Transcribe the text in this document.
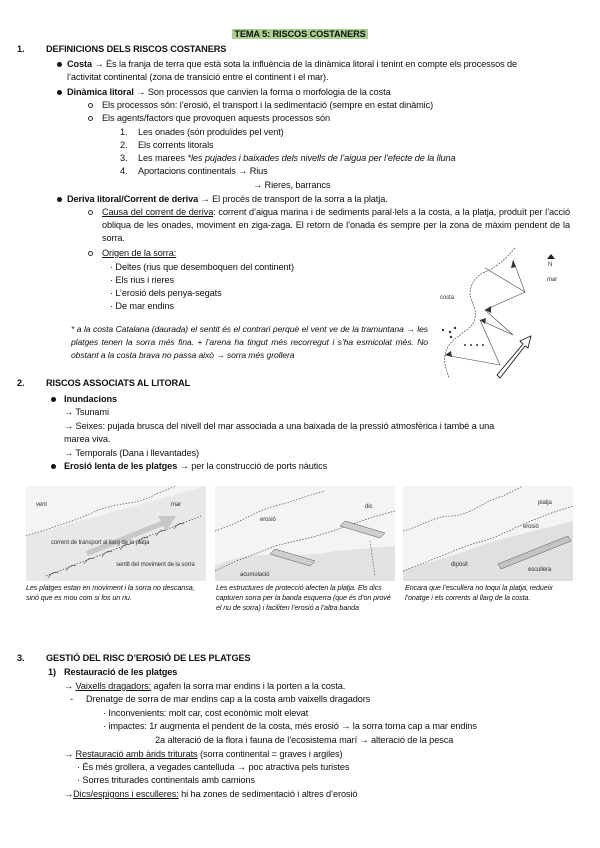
TEMA 5: RISCOS COSTANERS
1. DEFINICIONS DELS RISCOS COSTANERS
Costa → És la franja de terra que està sota la influència de la dinàmica litoral i tenint en compte els processos de
l’activitat continental (zona de transició entre el continent i el mar).
Dinàmica litoral → Son processos que canvien la forma o morfologia de la costa
Els processos són: l’erosió, el transport i la sedimentació (sempre en estat dinàmic)
Els agents/factors que provoquen aquests processos són
1. Les onades (són produïdes pel vent)
2. Els corrents litorals
3. Les marees *les pujades i baixades dels nivells de l’aigua per l’efecte de la lluna
4. Aportacions continentals → Rius
→ Rieres, barrancs
Deriva litoral/Corrent de deriva → El procés de transport de la sorra a la platja.
Causa del corrent de deriva: corrent d’aigua marina i de sediments paral·lels a la costa, a la platja, produït per l’acció obliqua de les onades, moviment en ziga-zaga. El retorn de l’onada és sempre per la zona de màxim pendent de la sorra.
Origen de la sorra:
· Deltes (rius que desemboquen del continent)
· Els rius i rieres
· L’erosió dels penya-segats
· De mar endins
* a la costa Catalana (daurada) el sentit és el contrari perquè el vent ve de la tramuntana → les platges tenen la sorra més fina. + l’arena ha tingut més recorregut i s’ha esmicolat més. No obstant a la costa brava no passa això → sorra més grollera
costa
N
mar
2. RISCOS ASSOCIATS AL LITORAL
Inundacions
→ Tsunami
→ Seixes: pujada brusca del nivell del mar associada a una baixada de la pressió atmosfèrica i també a una
marea viva.
→ Temporals (Dana i llevantades)
Erosió lenta de les platges → per la construcció de ports nàutics
vent
corrent de transport al llarg de la platja
sentit del moviment de la sorra
mar
Les platges estan en moviment i la sorra no descansa, sinó que es mou com si fos un riu.
erosió
dic
acumulació
Les estructures de protecció afecten la platja. Els dics capturen sorra per la banda esquerra (que és d’on prové el riu de sorra) i faciliten l’erosió a l’altra banda
platja
erosió
dipòsit
escullera
Encara que l’escullera no toqui la platja, redueix l’onatge i els corrents al llarg de la costa.
3. GESTIÓ DEL RISC D’EROSIÓ DE LES PLATGES
1) Restauració de les platges
→ Vaixells dragadors: agafen la sorra mar endins i la porten a la costa.
- Drenatge de sorra de mar endins cap a la costa amb vaixells dragadors
· Inconvenients: molt car, cost econòmic molt elevat
· impactes: 1r augmenta el pendent de la costa, més erosió → la sorra torna cap a mar endins
2a alteració de la flora i fauna de l’ecosistema marí → alteració de la pesca
→ Restauració amb àrids triturats (sorra continental = graves i argiles)
· És més grollera, a vegades cantelluda → poc atractiva pels turistes
· Sorres triturades continentals amb camions
→Dics/espigons i esculleres: hi ha zones de sedimentació i altres d’erosió
